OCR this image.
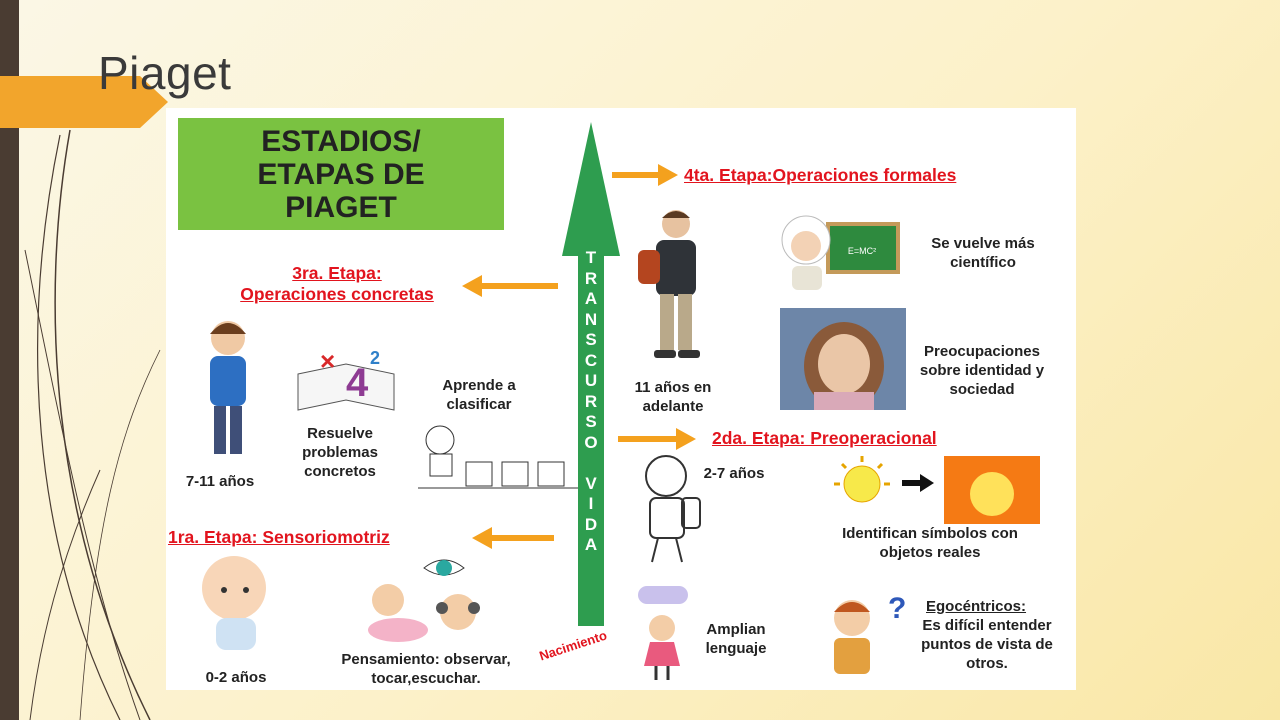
Piaget
ESTADIOS/
ETAPAS DE
PIAGET
T
R
A
N
S
C
U
R
S
O
V
I
D
A
Nacimiento
4ta. Etapa:Operaciones formales
3ra. Etapa:
Operaciones concretas
2da. Etapa: Preoperacional
1ra. Etapa: Sensoriomotriz
11 años en adelante
E=MC²	Se vuelve más científico
Preocupaciones sobre identidad y sociedad
7-11 años
× 4
2
Resuelve problemas concretos
Aprende a clasificar
2-7 años
Identifican símbolos con objetos reales
Amplian lenguaje
? Egocéntricos:
Es difícil entender puntos de vista de otros.
0-2 años
Pensamiento: observar, tocar,escuchar.
